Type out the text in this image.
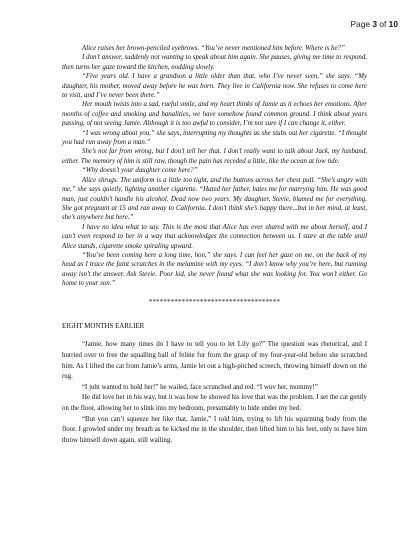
Page 3 of 10

Alice raises her brown-penciled eyebrows. “You’ve never mentioned him before. Where is he?”

I don’t answer, suddenly not wanting to speak about him again. She pauses, giving me time to respond, then turns her gaze toward the kitchen, nodding slowly.

“Five years old. I have a grandson a little older than that, who I’ve never seen,” she says. “My daughter, his mother, moved away before he was born. They live in California now. She refuses to come here to visit, and I’ve never been there.”

Her mouth twists into a sad, rueful smile, and my heart thinks of Jamie as it echoes her emotions. After months of coffee and smoking and banalities, we have somehow found common ground. I think about years passing, of not seeing Jamie. Although it is too awful to consider, I’m not sure if I can change it, either.

“I was wrong about you,” she says, interrupting my thoughts as she stubs out her cigarette. “I thought you had run away from a man.”

She’s not far from wrong, but I don’t tell her that. I don’t really want to talk about Jack, my husband, either. The memory of him is still raw, though the pain has receded a little, like the ocean at low tide.

“Why doesn’t your daughter come here?”

Alice shrugs. The uniform is a little too tight, and the buttons across her chest pull. “She’s angry with me,” she says quietly, lighting another cigarette. “Hated her father, hates me for marrying him. He was good man, just couldn’t handle his alcohol. Dead now two years. My daughter, Stevie, blamed me for everything. She got pregnant at 15 and ran away to California. I don’t think she’s happy there...but in her mind, at least, she’s anywhere but here.”

I have no idea what to say. This is the most that Alice has ever shared with me about herself, and I can’t even respond to her in a way that acknowledges the connection between us. I stare at the table until Alice stands, cigarette smoke spiraling upward.

“You’ve been coming here a long time, hon,” she says. I can feel her gaze on me, on the back of my head as I trace the faint scratches in the melamine with my eyes. “I don’t know why you’re here, but running away isn’t the answer. Ask Stevie. Poor kid, she never found what she was looking for. You won’t either. Go home to your son.”

************************************

EIGHT MONTHS EARLIER

“Jamie, how many times do I have to tell you to let Lily go?” The question was rhetorical, and I hurried over to free the squalling ball of feline fur from the grasp of my four-year-old before she scratched him. As I lifted the cat from Jamie’s arms, Jamie let out a high-pitched screech, throwing himself down on the rug.

“I juht wanted to hold her!” he wailed, face scrunched and red. “I wuv her, mommy!”

He did love her in his way, but it was how he showed his love that was the problem. I set the cat gently on the floor, allowing her to slink into my bedroom, presumably to hide under my bed.

“But you can’t squeeze her like that, Jamie,” I told him, trying to lift his squirming body from the floor. I growled under my breath as he kicked me in the shoulder, then lifted him to his feet, only to have him throw himself down again, still wailing.
